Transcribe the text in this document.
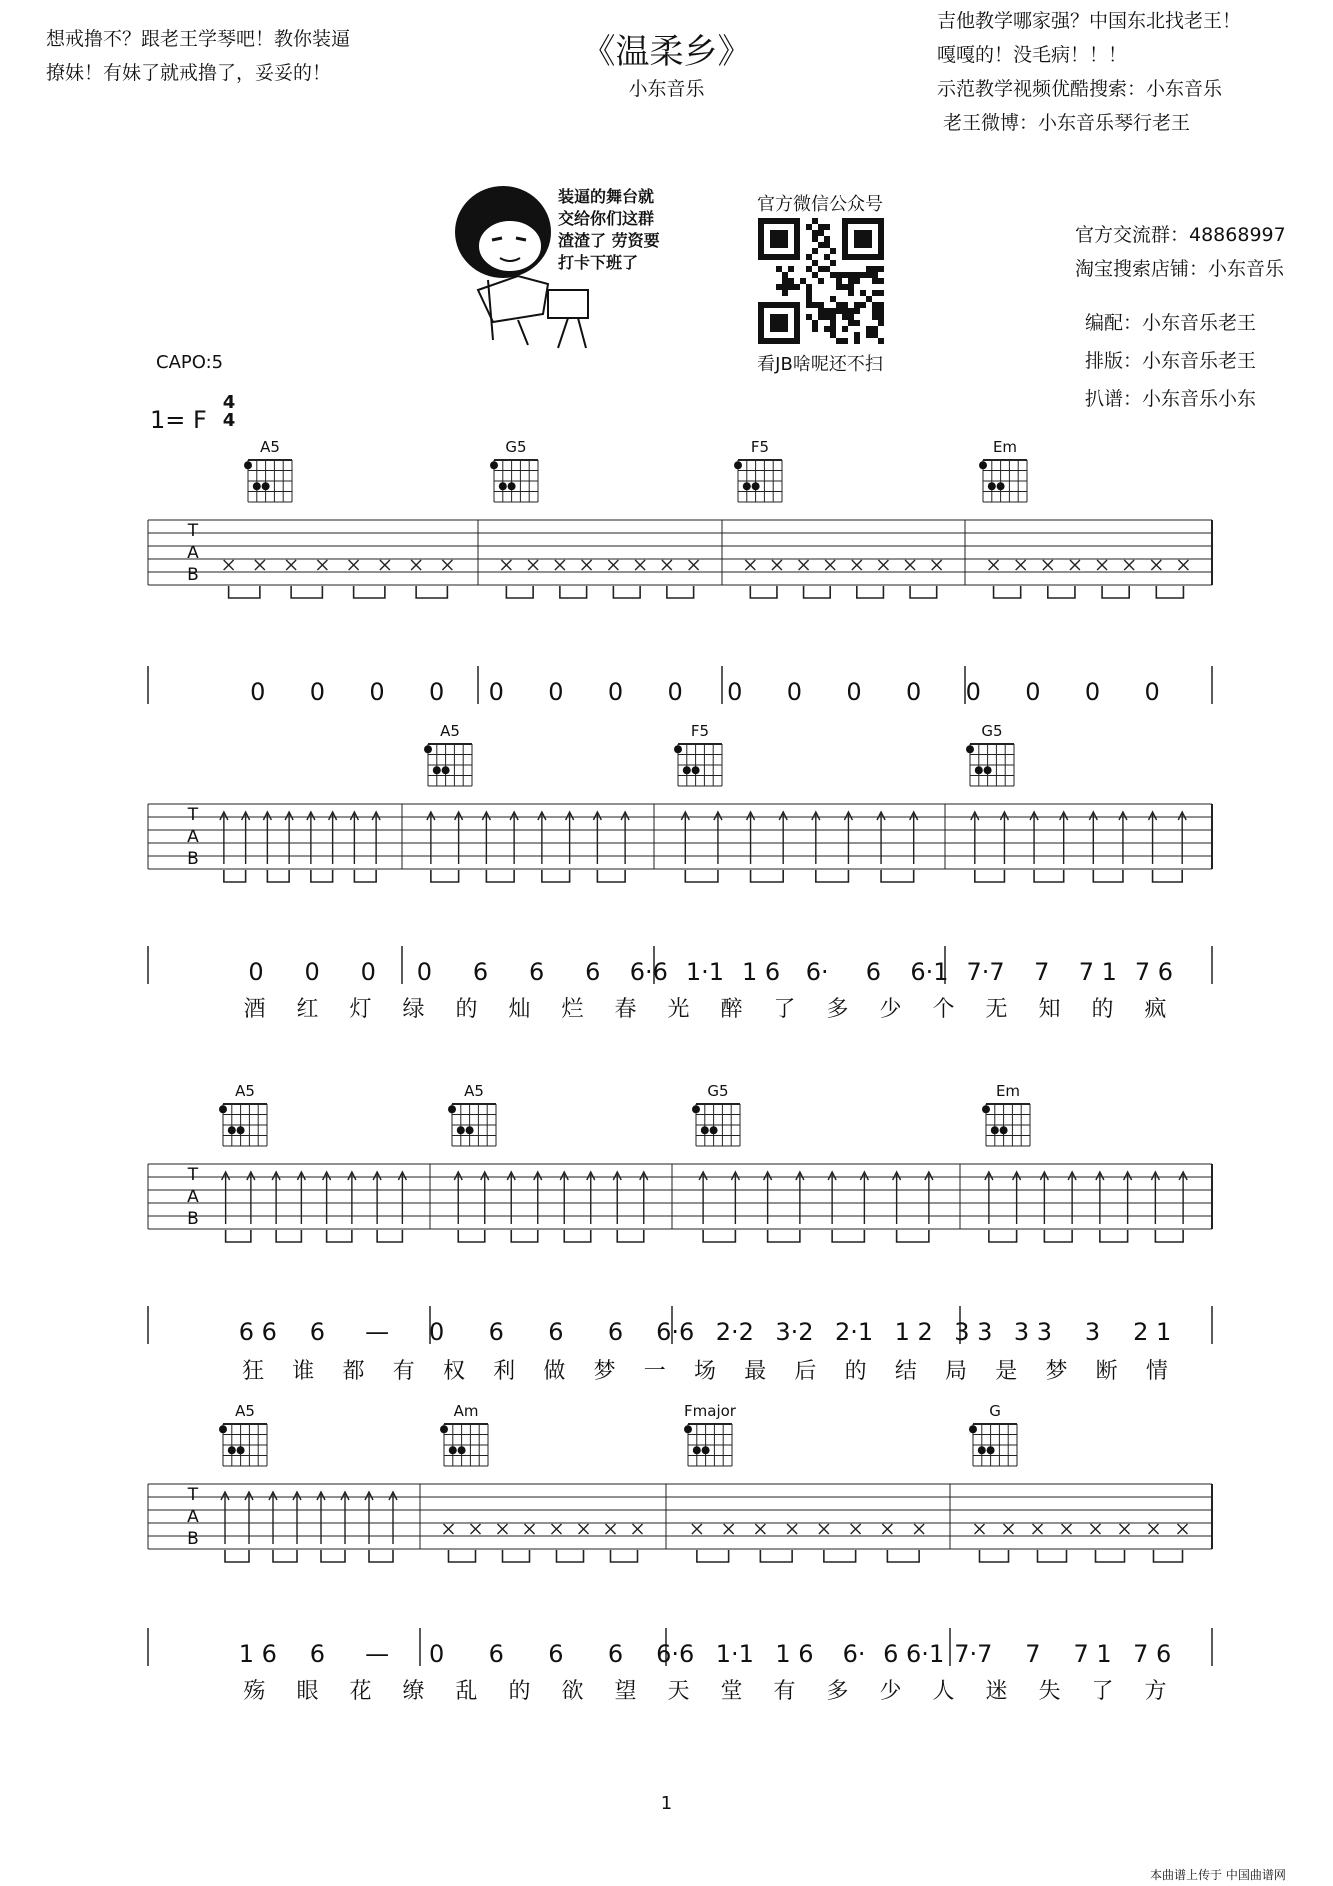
想戒撸不？跟老王学琴吧！教你装逼
撩妹！有妹了就戒撸了，妥妥的！
《温柔乡》
小东音乐
吉他教学哪家强？中国东北找老王！
嘎嘎的！没毛病！！！
示范教学视频优酷搜索：小东音乐
老王微博：小东音乐琴行老王
装逼的舞台就
交给你们这群
渣渣了 劳资要
打卡下班了
官方微信公众号
看JB啥呢还不扫
官方交流群：48868997
淘宝搜索店铺：小东音乐
编配：小东音乐老王
排版：小东音乐老王
扒谱：小东音乐小东
CAPO:5
1= F
4
4
T
A
B
A5	G5	F5	Em
0 0 0 0 0 0 0 0 0 0 0 0 0 0 0 0
T
A
B
A5	F5	G5
0 0 0 0 6 6 6 6·6 1·1 1 6 6· 6 6·1 7·7 7 7 1 7 6
酒 红 灯 绿 的 灿 烂 春 光 醉 了 多 少 个 无 知 的 疯
T
A
B
A5	A5	G5	Em
6 6 6 — 0 6 6 6 6·6 2·2 3·2 2·1 1 2 3 3 3 3 3 2 1
狂 谁 都 有 权 利 做 梦 一 场 最 后 的 结 局 是 梦 断 情
T
A
B
A5	Am	Fmajor	G
1 6 6 — 0 6 6 6 6·6 1·1 1 6 6· 6 6·1 7·7 7 7 1 7 6
殇 眼 花 缭 乱 的 欲 望 天 堂 有 多 少 人 迷 失 了 方
1
本曲谱上传于 中国曲谱网
